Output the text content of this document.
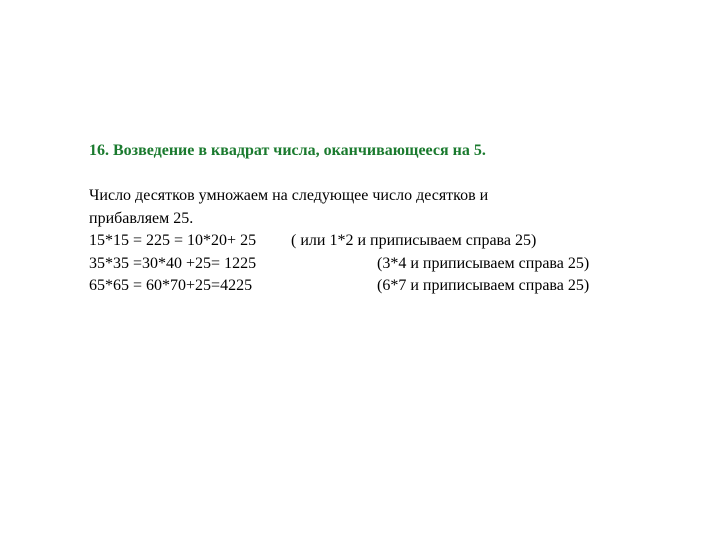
16. Возведение в квадрат числа, оканчивающееся на 5.
Число десятков умножаем на следующее число десятков и
прибавляем 25.
15*15 = 225 = 10*20+ 25 ( или 1*2 и приписываем справа 25)
35*35 =30*40 +25= 1225	(3*4 и приписываем справа 25)
65*65 = 60*70+25=4225	(6*7 и приписываем справа 25)
